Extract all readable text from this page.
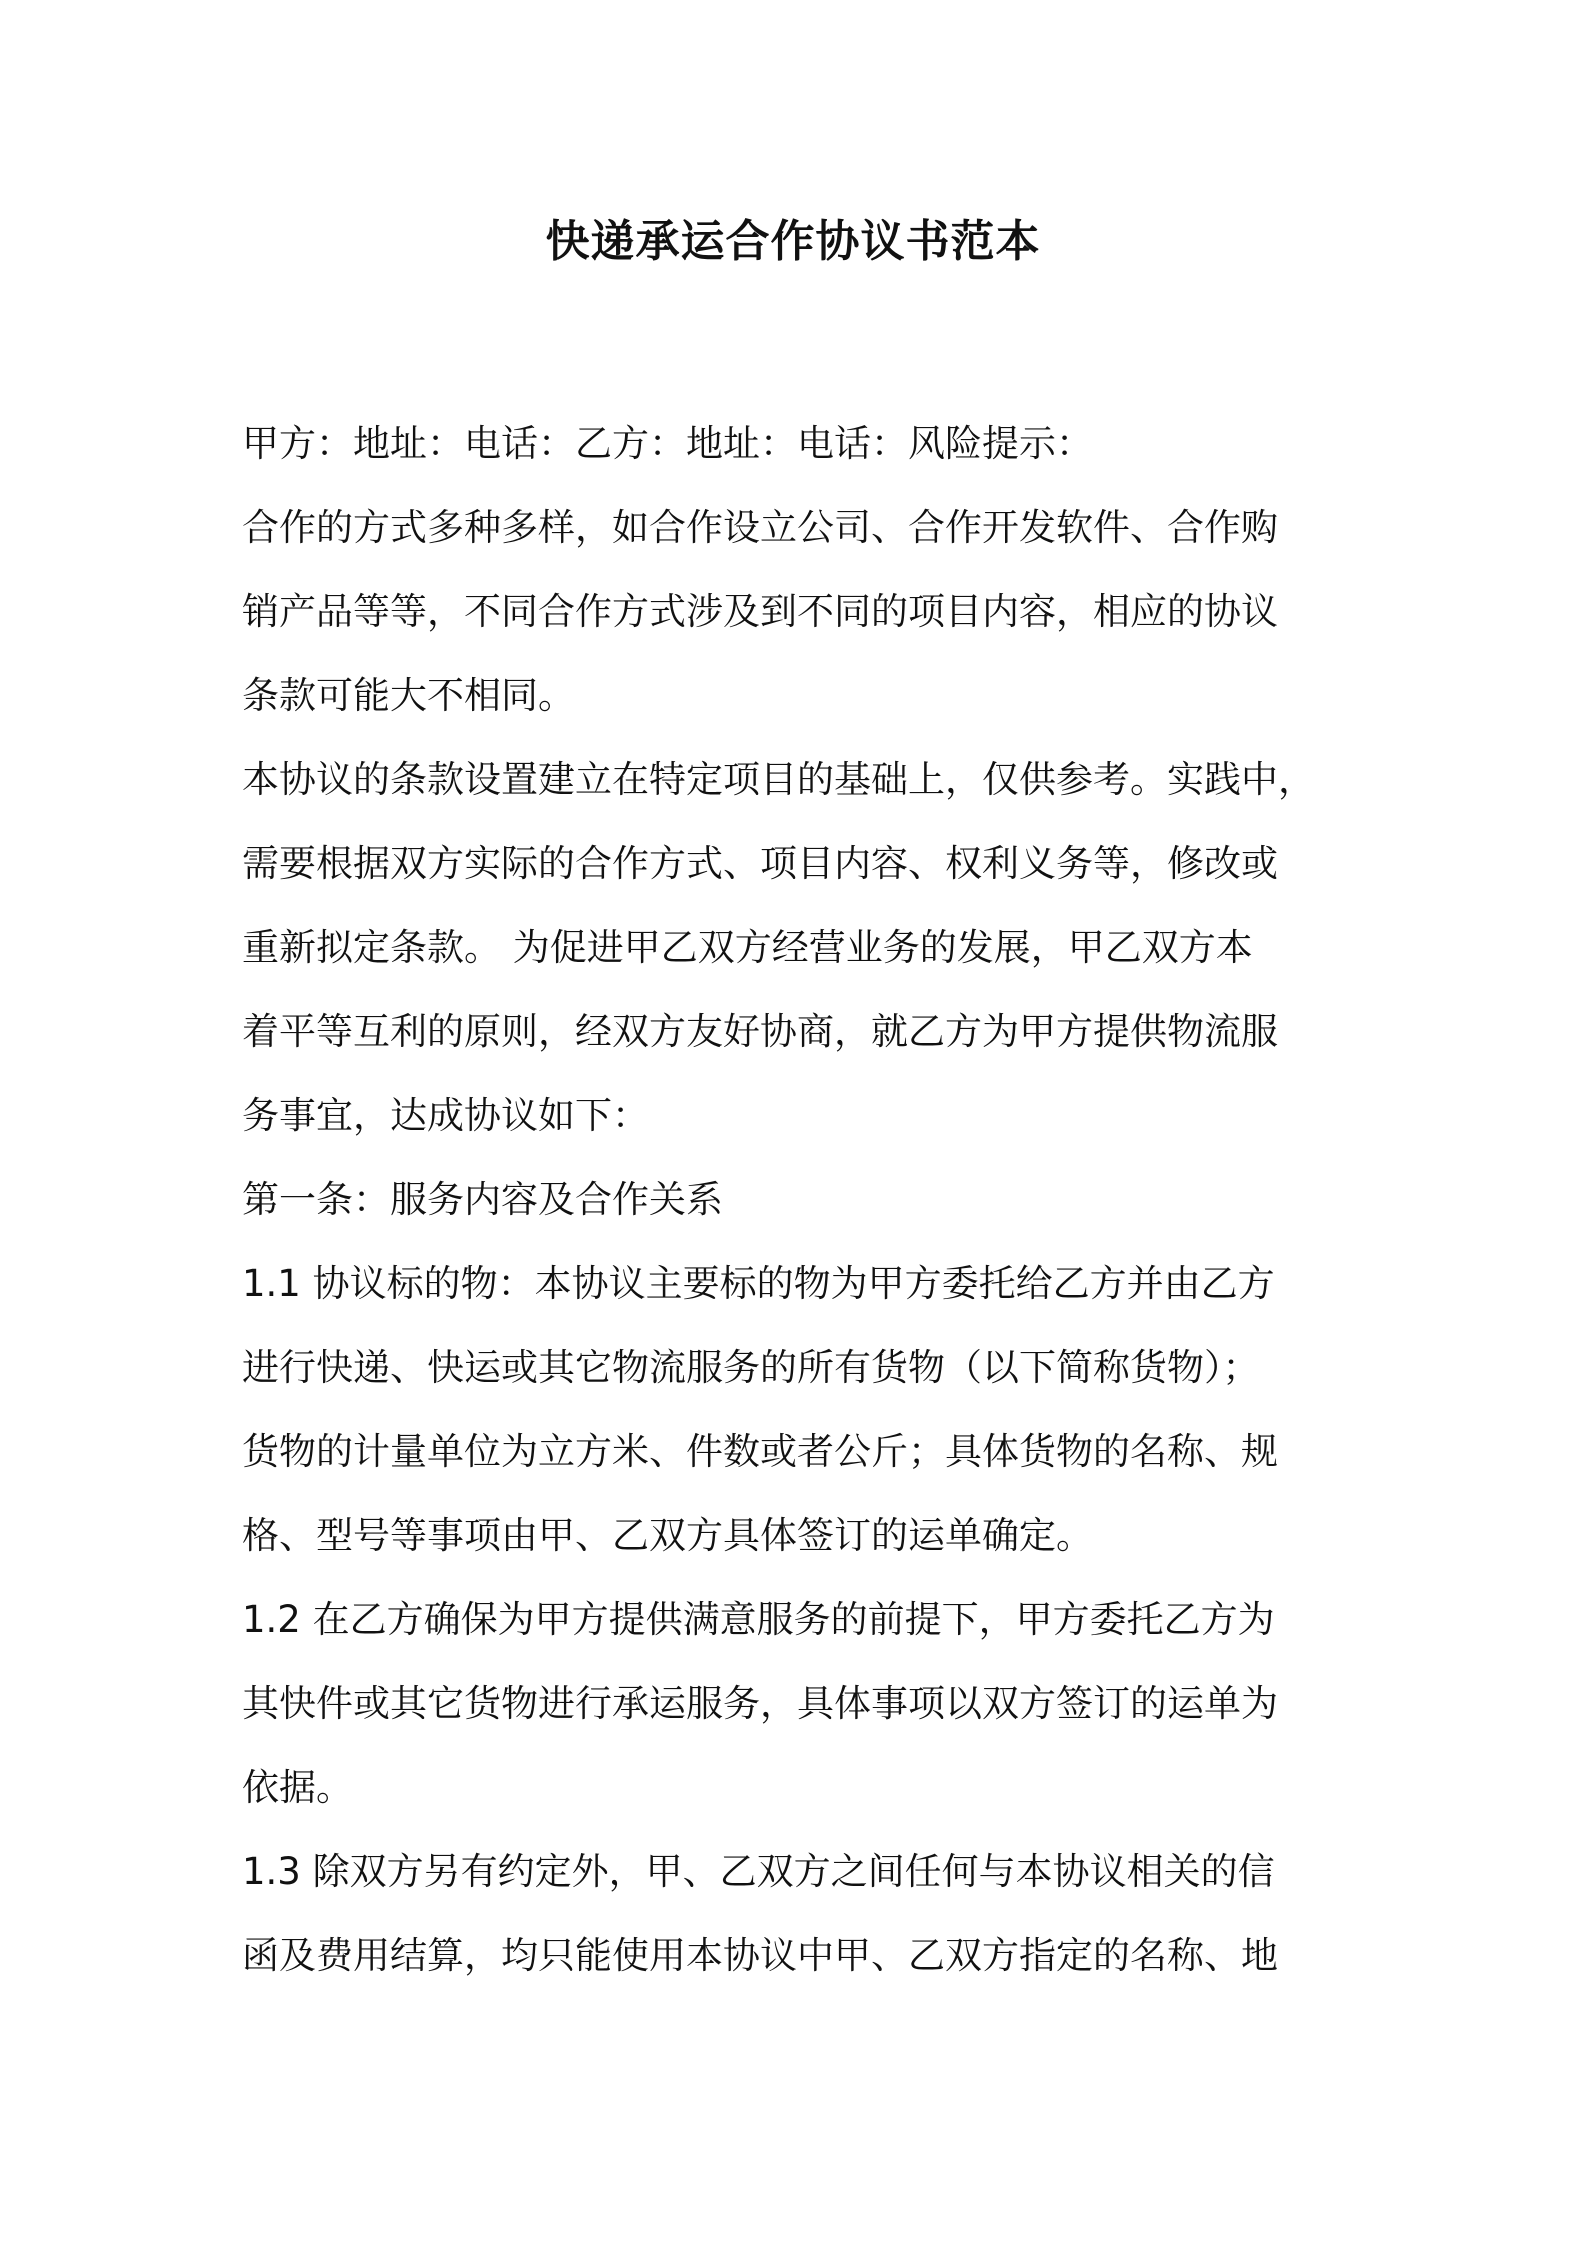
快递承运合作协议书范本
甲方：地址：电话：乙方：地址：电话：风险提示：
合作的方式多种多样，如合作设立公司、合作开发软件、合作购
销产品等等，不同合作方式涉及到不同的项目内容，相应的协议
条款可能大不相同。
本协议的条款设置建立在特定项目的基础上，仅供参考。实践中，
需要根据双方实际的合作方式、项目内容、权利义务等，修改或
重新拟定条款。 为促进甲乙双方经营业务的发展，甲乙双方本
着平等互利的原则，经双方友好协商，就乙方为甲方提供物流服
务事宜，达成协议如下：
第一条：服务内容及合作关系
1.1 协议标的物：本协议主要标的物为甲方委托给乙方并由乙方
进行快递、快运或其它物流服务的所有货物（以下简称货物）；
货物的计量单位为立方米、件数或者公斤；具体货物的名称、规
格、型号等事项由甲、乙双方具体签订的运单确定。
1.2 在乙方确保为甲方提供满意服务的前提下，甲方委托乙方为
其快件或其它货物进行承运服务，具体事项以双方签订的运单为
依据。
1.3 除双方另有约定外，甲、乙双方之间任何与本协议相关的信
函及费用结算，均只能使用本协议中甲、乙双方指定的名称、地
